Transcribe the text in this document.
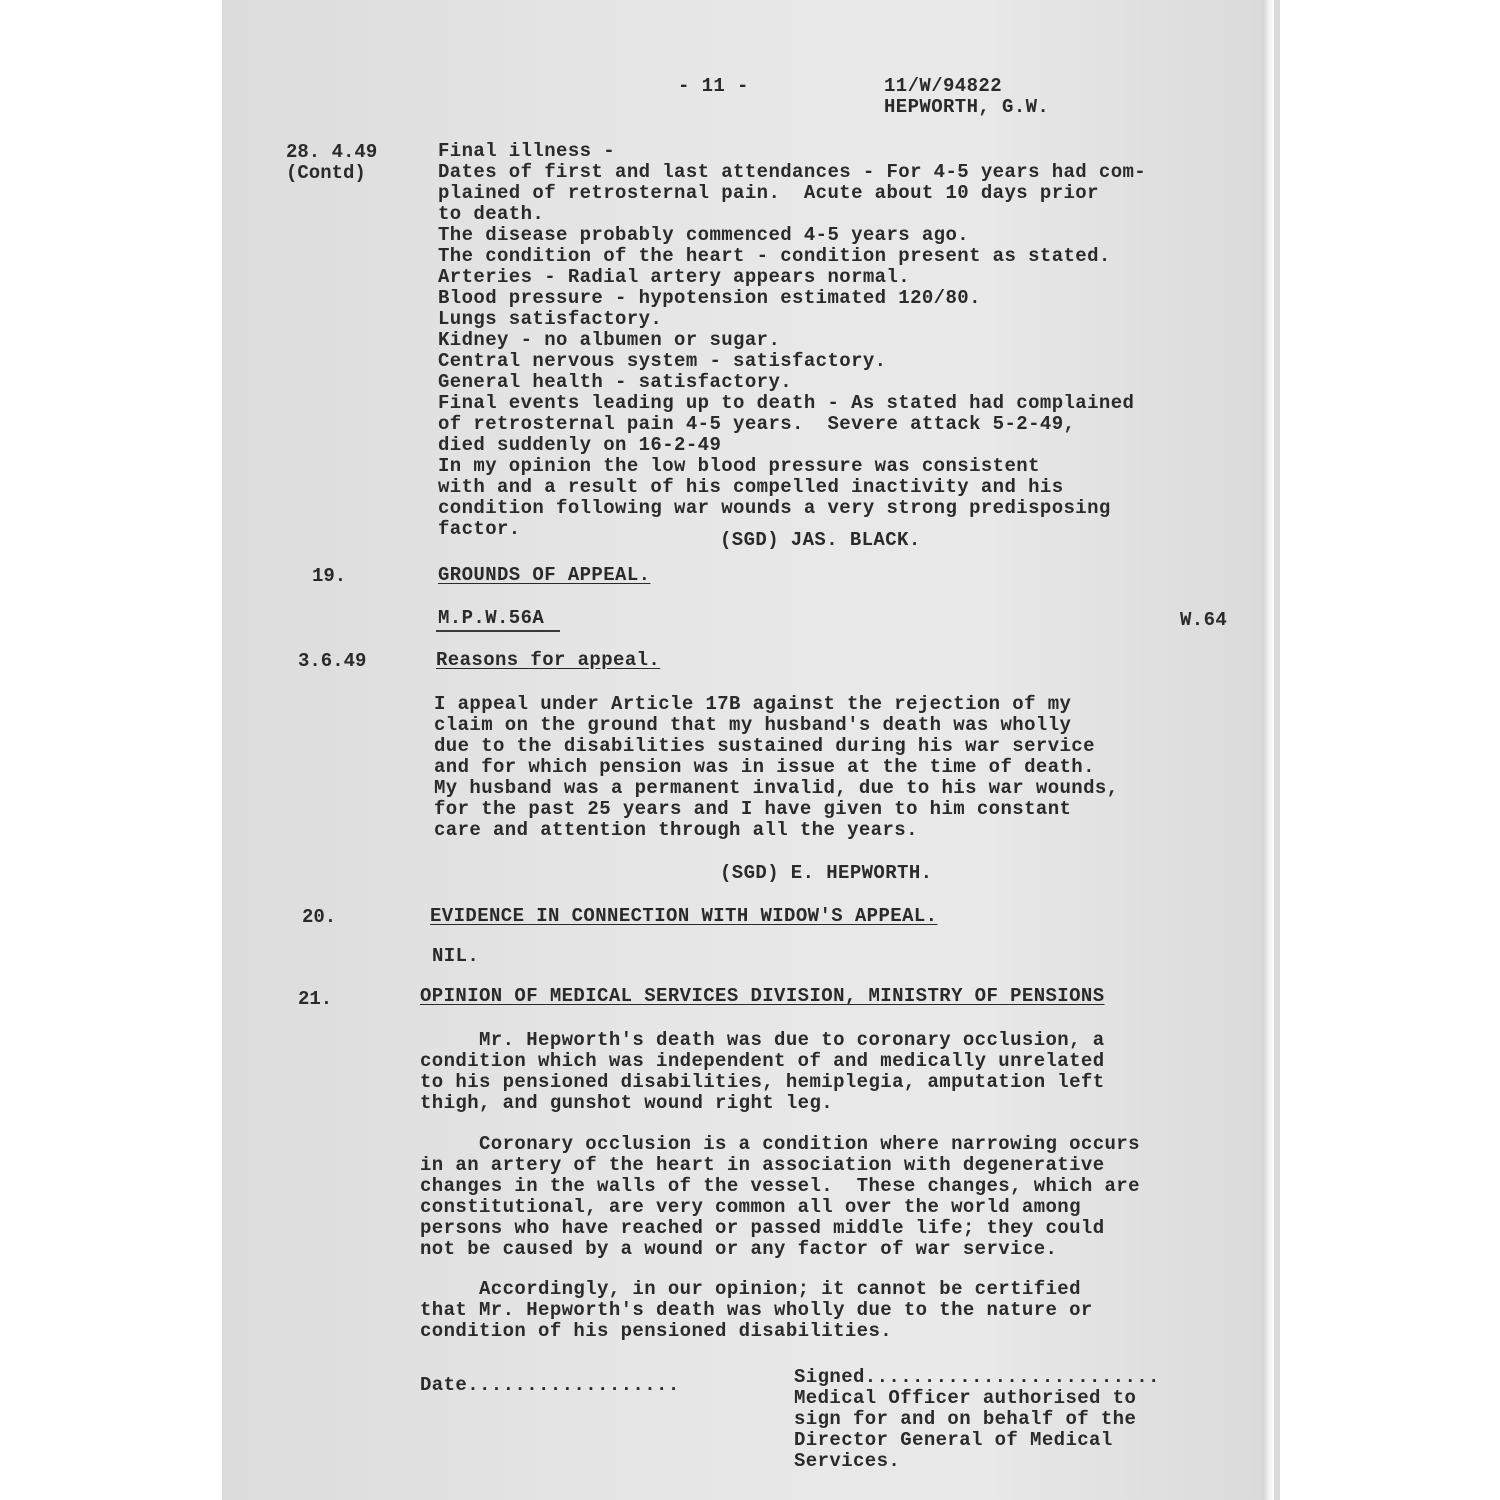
- 11 -	11/W/94822
HEPWORTH, G.W.
28. 4.49
(Contd)
Final illness -
Dates of first and last attendances - For 4-5 years had com-
plained of retrosternal pain.  Acute about 10 days prior
to death.
The disease probably commenced 4-5 years ago.
The condition of the heart - condition present as stated.
Arteries - Radial artery appears normal.
Blood pressure - hypotension estimated 120/80.
Lungs satisfactory.
Kidney - no albumen or sugar.
Central nervous system - satisfactory.
General health - satisfactory.
Final events leading up to death - As stated had complained
of retrosternal pain 4-5 years.  Severe attack 5-2-49,
died suddenly on 16-2-49
In my opinion the low blood pressure was consistent
with and a result of his compelled inactivity and his
condition following war wounds a very strong predisposing
factor.	(SGD) JAS. BLACK.
19.	GROUNDS OF APPEAL.
M.P.W.56A	W.64
3.6.49	Reasons for appeal.
I appeal under Article 17B against the rejection of my
claim on the ground that my husband's death was wholly
due to the disabilities sustained during his war service
and for which pension was in issue at the time of death.
My husband was a permanent invalid, due to his war wounds,
for the past 25 years and I have given to him constant
care and attention through all the years.
(SGD) E. HEPWORTH.
20.	EVIDENCE IN CONNECTION WITH WIDOW'S APPEAL.
NIL.
21.	OPINION OF MEDICAL SERVICES DIVISION, MINISTRY OF PENSIONS
Mr. Hepworth's death was due to coronary occlusion, a
condition which was independent of and medically unrelated
to his pensioned disabilities, hemiplegia, amputation left
thigh, and gunshot wound right leg.
Coronary occlusion is a condition where narrowing occurs
in an artery of the heart in association with degenerative
changes in the walls of the vessel.  These changes, which are
constitutional, are very common all over the world among
persons who have reached or passed middle life; they could
not be caused by a wound or any factor of war service.
Accordingly, in our opinion; it cannot be certified
that Mr. Hepworth's death was wholly due to the nature or
condition of his pensioned disabilities.
Date..................	Signed.........................
Medical Officer authorised to
sign for and on behalf of the
Director General of Medical
Services.
